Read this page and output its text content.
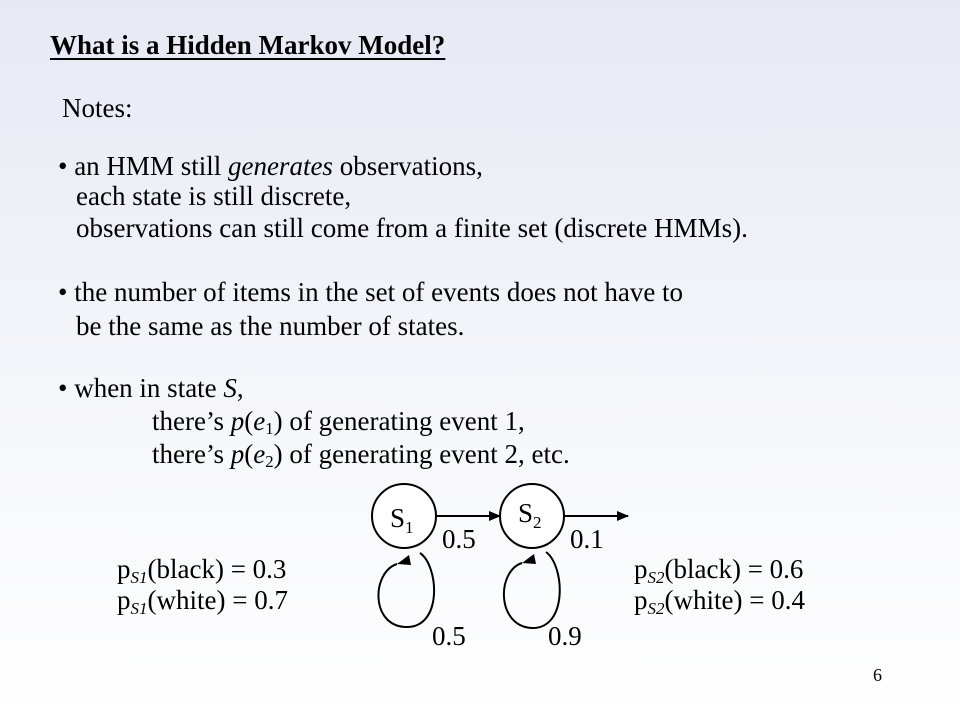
What is a Hidden Markov Model?
Notes:
• an HMM still generates observations,
each state is still discrete,
observations can still come from a finite set (discrete HMMs).
• the number of items in the set of events does not have to
be the same as the number of states.
• when in state S,
there’s $p(e_1)$ of generating event 1,
there’s $p(e_2)$ of generating event 2, etc.
$S_1$	$S_2$
0.5	0.1
0.5	0.9
pS1(black) = 0.3
pS1(white) = 0.7
pS2(black) = 0.6
pS2(white) = 0.4
6
